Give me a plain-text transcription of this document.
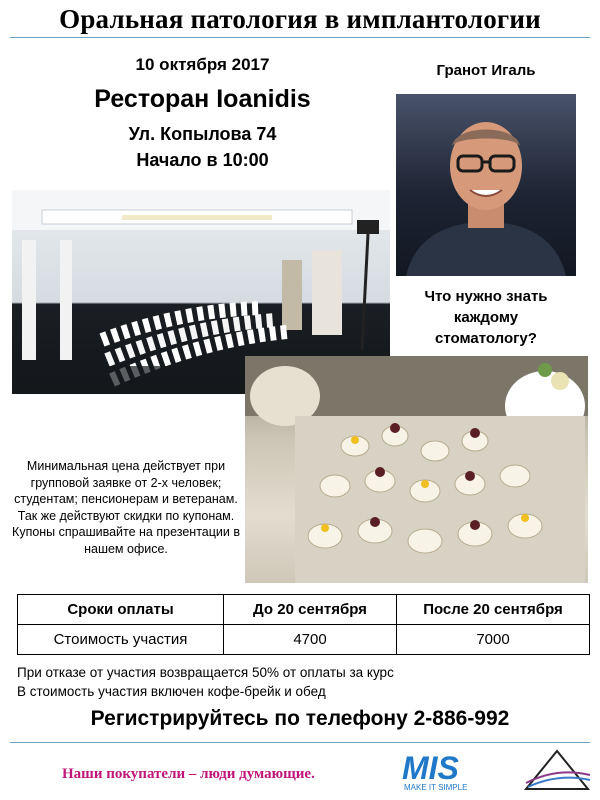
Оральная патология в имплантологии
10 октября 2017
Ресторан Ioanidis
Ул. Копылова 74
Начало в 10:00
Гранот Игаль
Что нужно знать
каждому
стоматологу?
Минимальная цена действует при групповой заявке от 2-х человек; студентам; пенсионерам и ветеранам. Так же действуют скидки по купонам. Купоны спрашивайте на презентации в нашем офисе.
Сроки оплаты	До 20 сентября	После 20 сентября
Стоимость участия	4700	7000
При отказе от участия возвращается 50% от оплаты за курс
В стоимость участия включен кофе-брейк и обед
Регистрируйтесь по телефону 2-886-992
Наши покупатели – люди думающие.	MIS
MAKE IT SIMPLE
